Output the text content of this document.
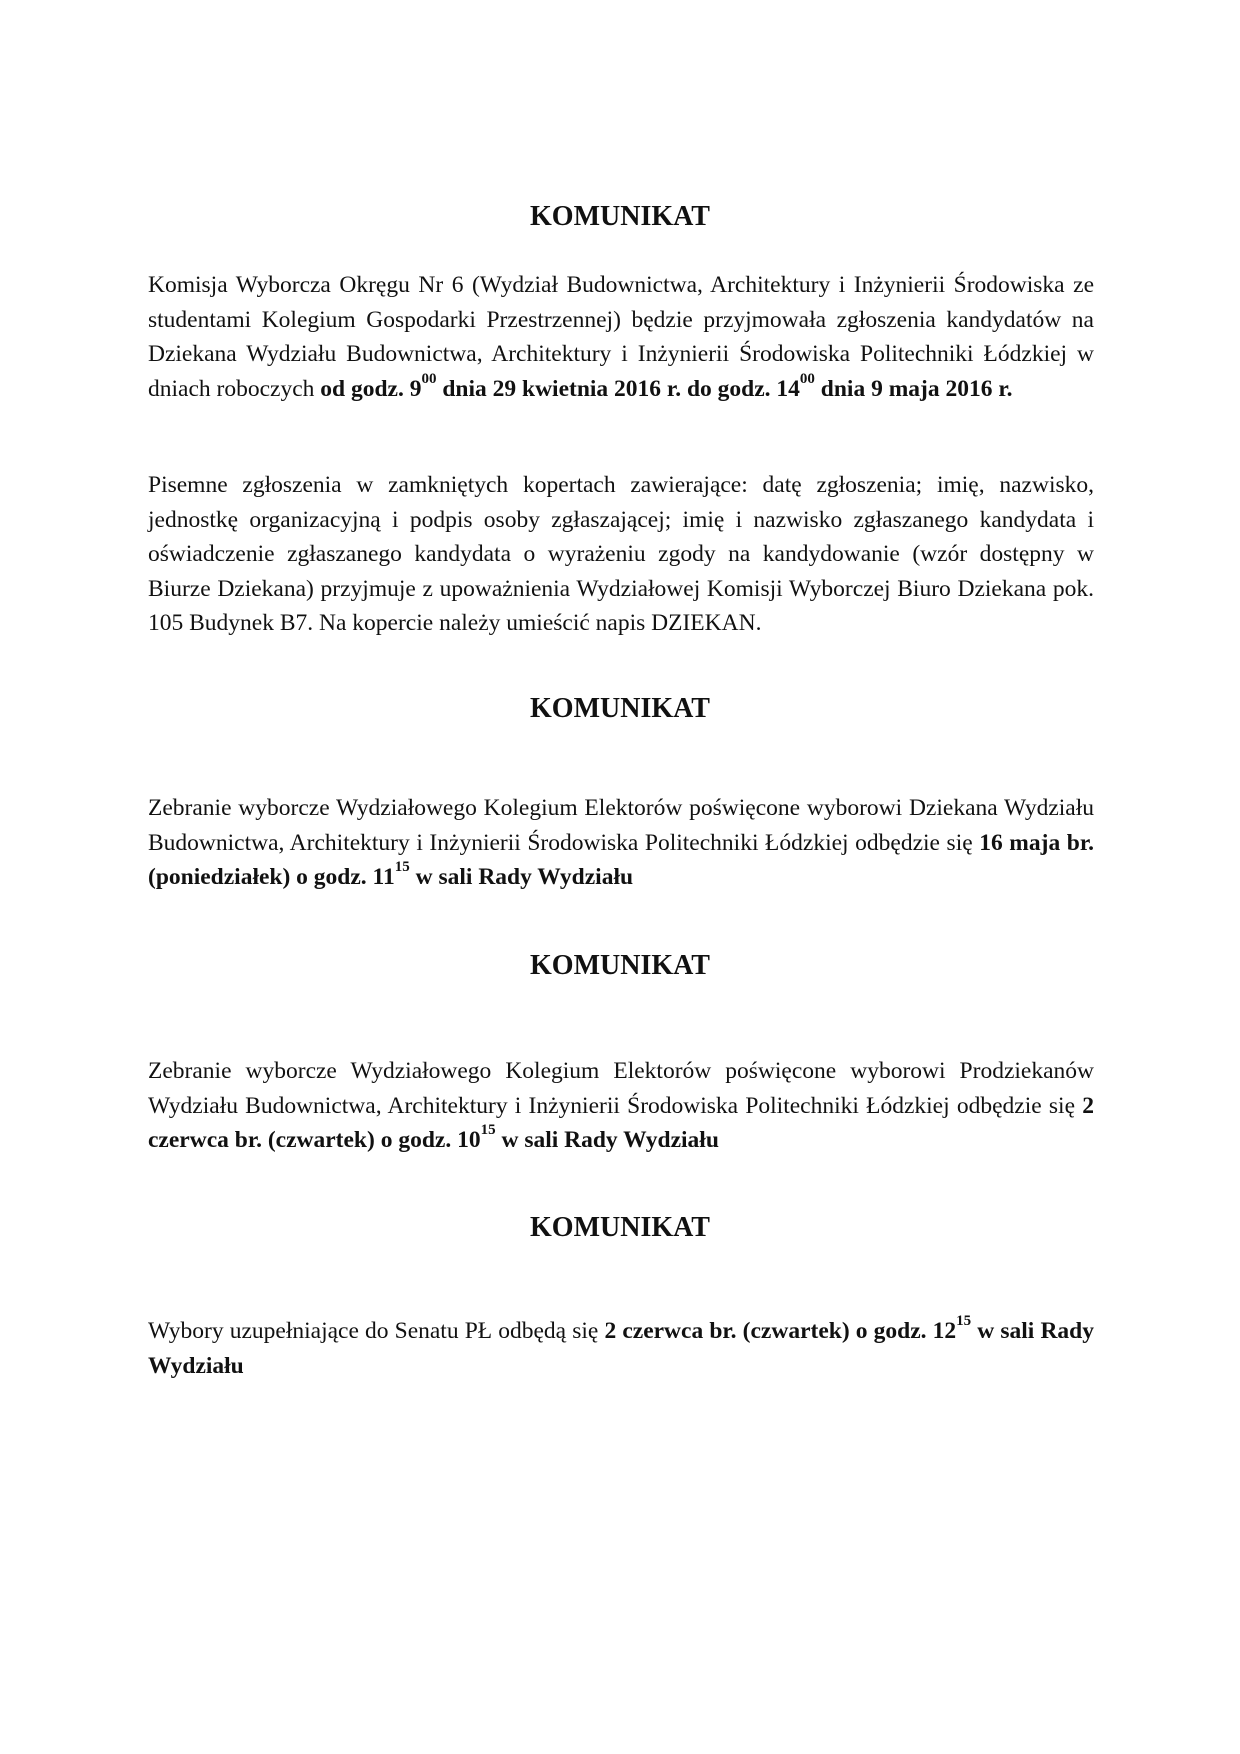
KOMUNIKAT

Komisja Wyborcza Okręgu Nr 6 (Wydział Budownictwa, Architektury i Inżynierii Środowiska ze studentami Kolegium Gospodarki Przestrzennej) będzie przyjmowała zgłoszenia kandydatów na Dziekana Wydziału Budownictwa, Architektury i Inżynierii Środowiska Politechniki Łódzkiej w dniach roboczych od godz. $9^{00}$ dnia 29 kwietnia 2016 r. do godz. $14^{00}$ dnia 9 maja 2016 r.

Pisemne zgłoszenia w zamkniętych kopertach zawierające: datę zgłoszenia; imię, nazwisko, jednostkę organizacyjną i podpis osoby zgłaszającej; imię i nazwisko zgłaszanego kandydata i oświadczenie zgłaszanego kandydata o wyrażeniu zgody na kandydowanie (wzór dostępny w Biurze Dziekana) przyjmuje z upoważnienia Wydziałowej Komisji Wyborczej Biuro Dziekana pok. 105 Budynek B7. Na kopercie należy umieścić napis DZIEKAN.

KOMUNIKAT

Zebranie wyborcze Wydziałowego Kolegium Elektorów poświęcone wyborowi Dziekana Wydziału Budownictwa, Architektury i Inżynierii Środowiska Politechniki Łódzkiej odbędzie się 16 maja br. (poniedziałek) o godz. $11^{15}$ w sali Rady Wydziału

KOMUNIKAT

Zebranie wyborcze Wydziałowego Kolegium Elektorów poświęcone wyborowi Prodziekanów Wydziału Budownictwa, Architektury i Inżynierii Środowiska Politechniki Łódzkiej odbędzie się 2 czerwca br. (czwartek) o godz. $10^{15}$ w sali Rady Wydziału

KOMUNIKAT

Wybory uzupełniające do Senatu PŁ odbędą się 2 czerwca br. (czwartek) o godz. $12^{15}$ w sali Rady Wydziału
